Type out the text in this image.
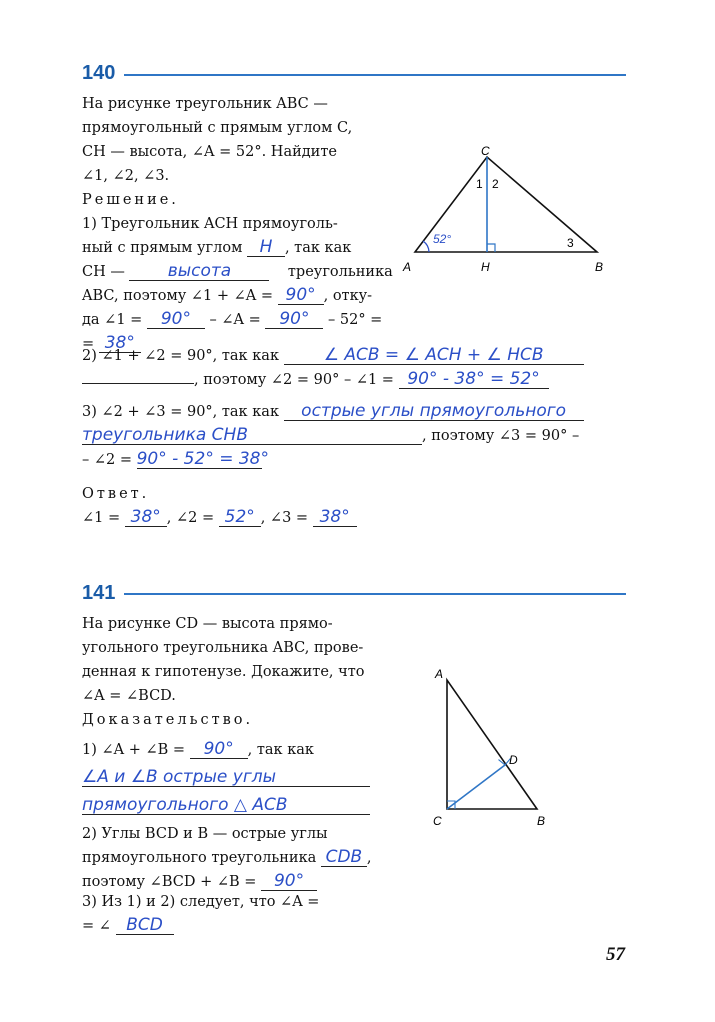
140
На рисунке треугольник ABC —
прямоугольный с прямым углом C,
CH — высота, ∠A = 52°. Найдите
∠1, ∠2, ∠3.
Решение.
1) Треугольник ACH прямоуголь-
ный с прямым углом H , так как
CH —	высота	треугольника
ABC, поэтому ∠1 + ∠A = 90° , отку-
да ∠1 = 90° – ∠A = 90° – 52° =
= 38°
C
A	H	B
1 2
3
52°
2) ∠1 + ∠2 = 90°, так как	∠ ACB = ∠ ACH + ∠ HCB
, поэтому ∠2 = 90° – ∠1 = 90° - 38° = 52°
3) ∠2 + ∠3 = 90°, так как острые углы прямоугольного
треугольника CHB	, поэтому ∠3 = 90° –
– ∠2 = 90° - 52° = 38°
Ответ.
∠1 = 38° , ∠2 = 52° , ∠3 = 38°
141
На рисунке CD — высота прямо-
угольного треугольника ABC, прове-
денная к гипотенузе. Докажите, что
∠A = ∠BCD.
Доказательство.
1) ∠A + ∠B = 90° , так как
∠A и ∠B острые углы
прямоугольного △ ACB
2) Углы BCD и B — острые углы
прямоугольного треугольника CDB ,
поэтому ∠BCD + ∠B = 90°
3) Из 1) и 2) следует, что ∠A =
= ∠ BCD
A
D
C	B
57
